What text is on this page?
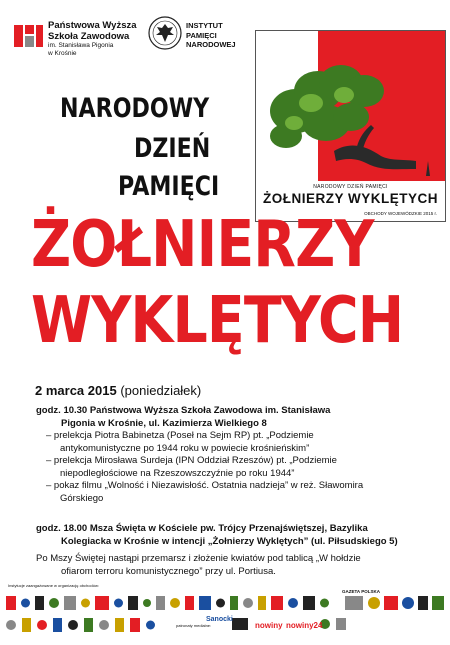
Państwowa Wyższa
Szkoła Zawodowa
im. Stanisława Pigonia
w Krośnie
INSTYTUT
PAMIĘCI
NARODOWEJ
NARODOWY DZIEŃ PAMIĘCI
ŻOŁNIERZY WYKLĘTYCH
OBCHODY WOJEWÓDZKIE 2015 r.
NARODOWY
DZIEŃ
PAMIĘCI
ŻOŁNIERZY
WYKLĘTYCH
2 marca 2015 (poniedziałek)
godz. 10.30 Państwowa Wyższa Szkoła Zawodowa im. Stanisława
Pigonia w Krośnie, ul. Kazimierza Wielkiego 8
– prelekcja Piotra Babinetza (Poseł na Sejm RP) pt. „Podziemie
antykomunistyczne po 1944 roku w powiecie krośnieńskim”
– prelekcja Mirosława Surdeja (IPN Oddział Rzeszów) pt. „Podziemie
niepodległościowe na Rzeszowszczyźnie po roku 1944”
– pokaz filmu „Wolność i Niezawisłość. Ostatnia nadzieja” w reż. Sławomira
Górskiego
godz. 18.00 Msza Święta w Kościele pw. Trójcy Przenajświętszej, Bazylika
Kolegiacka w Krośnie w intencji „Żołnierzy Wyklętych” (ul. Piłsudskiego 5)
Po Mszy Świętej nastąpi przemarsz i złożenie kwiatów pod tablicą „W hołdzie
ofiarom terroru komunistycznego” przy ul. Portiusa.
Instytucje zaangażowane w organizację obchodów:
patronaty medialne:
Sanocki
nowiny nowiny24
GAZETA POLSKA
